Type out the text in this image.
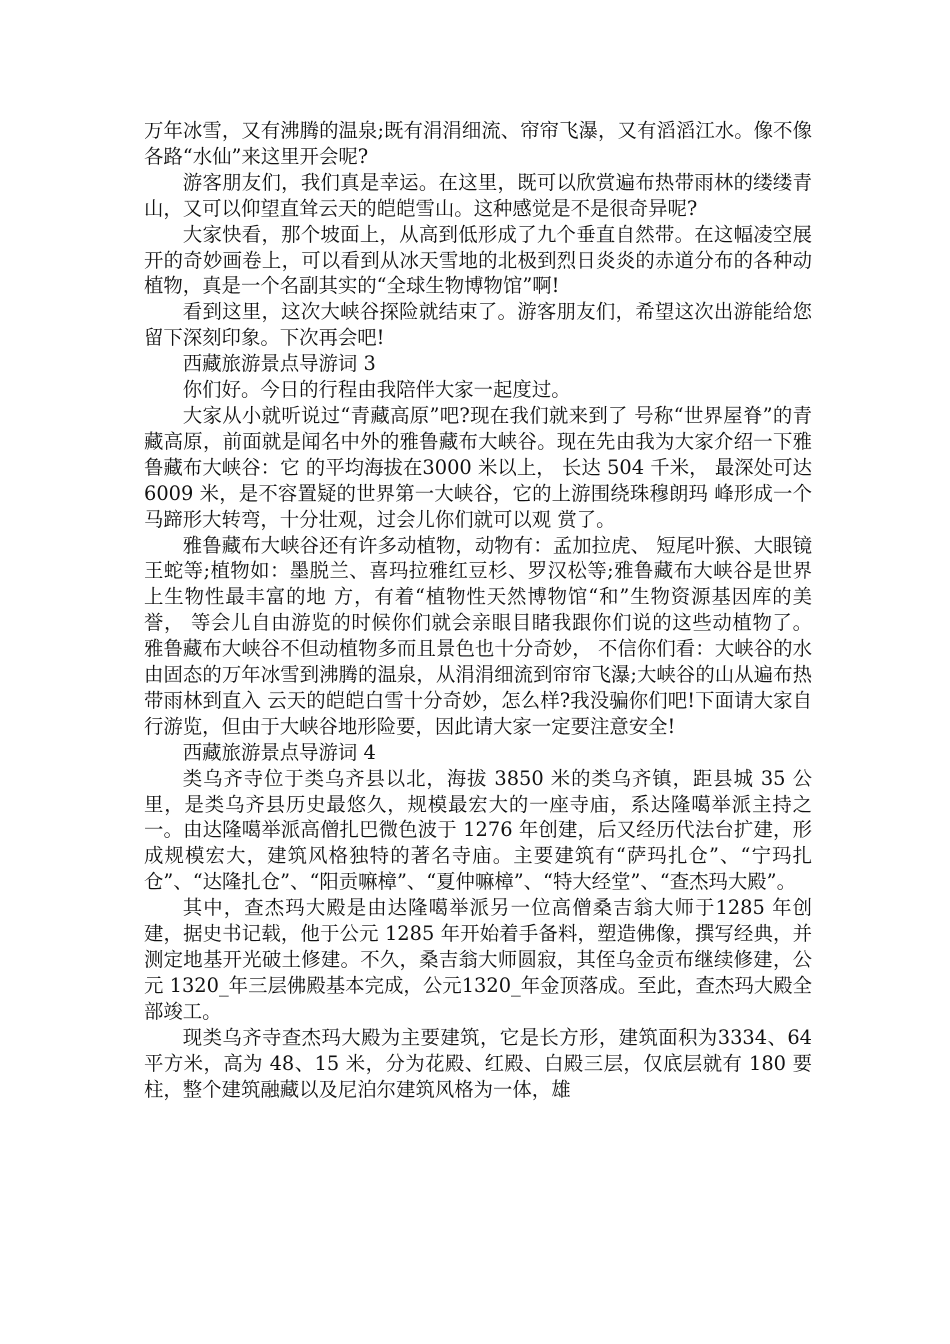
万年冰雪，又有沸腾的温泉;既有涓涓细流、帘帘飞瀑，又有滔滔江水。像不像各路“水仙”来这里开会呢?

游客朋友们，我们真是幸运。在这里，既可以欣赏遍布热带雨林的缕缕青山，又可以仰望直耸云天的皑皑雪山。这种感觉是不是很奇异呢?

大家快看，那个坡面上，从高到低形成了九个垂直自然带。在这幅凌空展开的奇妙画卷上，可以看到从冰天雪地的北极到烈日炎炎的赤道分布的各种动植物，真是一个名副其实的“全球生物博物馆”啊!

看到这里，这次大峡谷探险就结束了。游客朋友们，希望这次出游能给您留下深刻印象。下次再会吧!

西藏旅游景点导游词 3

你们好。今日的行程由我陪伴大家一起度过。

大家从小就听说过“青藏高原”吧?现在我们就来到了 号称“世界屋脊”的青藏高原，前面就是闻名中外的雅鲁藏布大峡谷。现在先由我为大家介绍一下雅鲁藏布大峡谷：它 的平均海拔在3000 米以上， 长达 504 千米， 最深处可达 6009 米，是不容置疑的世界第一大峡谷，它的上游围绕珠穆朗玛 峰形成一个马蹄形大转弯，十分壮观，过会儿你们就可以观 赏了。

雅鲁藏布大峡谷还有许多动植物，动物有：孟加拉虎、 短尾叶猴、大眼镜王蛇等;植物如：墨脱兰、喜玛拉雅红豆杉、罗汉松等;雅鲁藏布大峡谷是世界上生物性最丰富的地 方，有着“植物性天然博物馆“和”生物资源基因库的美誉， 等会儿自由游览的时候你们就会亲眼目睹我跟你们说的这些动植物了。 雅鲁藏布大峡谷不但动植物多而且景色也十分奇妙， 不信你们看：大峡谷的水由固态的万年冰雪到沸腾的温泉，从涓涓细流到帘帘飞瀑;大峡谷的山从遍布热带雨林到直入 云天的皑皑白雪十分奇妙，怎么样?我没骗你们吧!下面请大家自行游览，但由于大峡谷地形险要，因此请大家一定要注意安全!

西藏旅游景点导游词 4

类乌齐寺位于类乌齐县以北，海拔 3850 米的类乌齐镇，距县城 35 公里，是类乌齐县历史最悠久，规模最宏大的一座寺庙，系达隆噶举派主持之一。由达隆噶举派高僧扎巴微色波于 1276 年创建，后又经历代法台扩建，形成规模宏大，建筑风格独特的著名寺庙。主要建筑有“萨玛扎仓”、“宁玛扎仓”、“达隆扎仓”、“阳贡嘛樟”、“夏仲嘛樟”、“特大经堂”、“查杰玛大殿”。

其中，查杰玛大殿是由达隆噶举派另一位高僧桑吉翁大师于1285 年创建，据史书记载，他于公元 1285 年开始着手备料，塑造佛像，撰写经典，并测定地基开光破土修建。不久，桑吉翁大师圆寂，其侄乌金贡布继续修建，公元 1320_年三层佛殿基本完成，公元1320_年金顶落成。至此，查杰玛大殿全部竣工。

现类乌齐寺查杰玛大殿为主要建筑，它是长方形，建筑面积为3334、64 平方米，高为 48、15 米，分为花殿、红殿、白殿三层，仅底层就有 180 要柱，整个建筑融藏以及尼泊尔建筑风格为一体，雄
